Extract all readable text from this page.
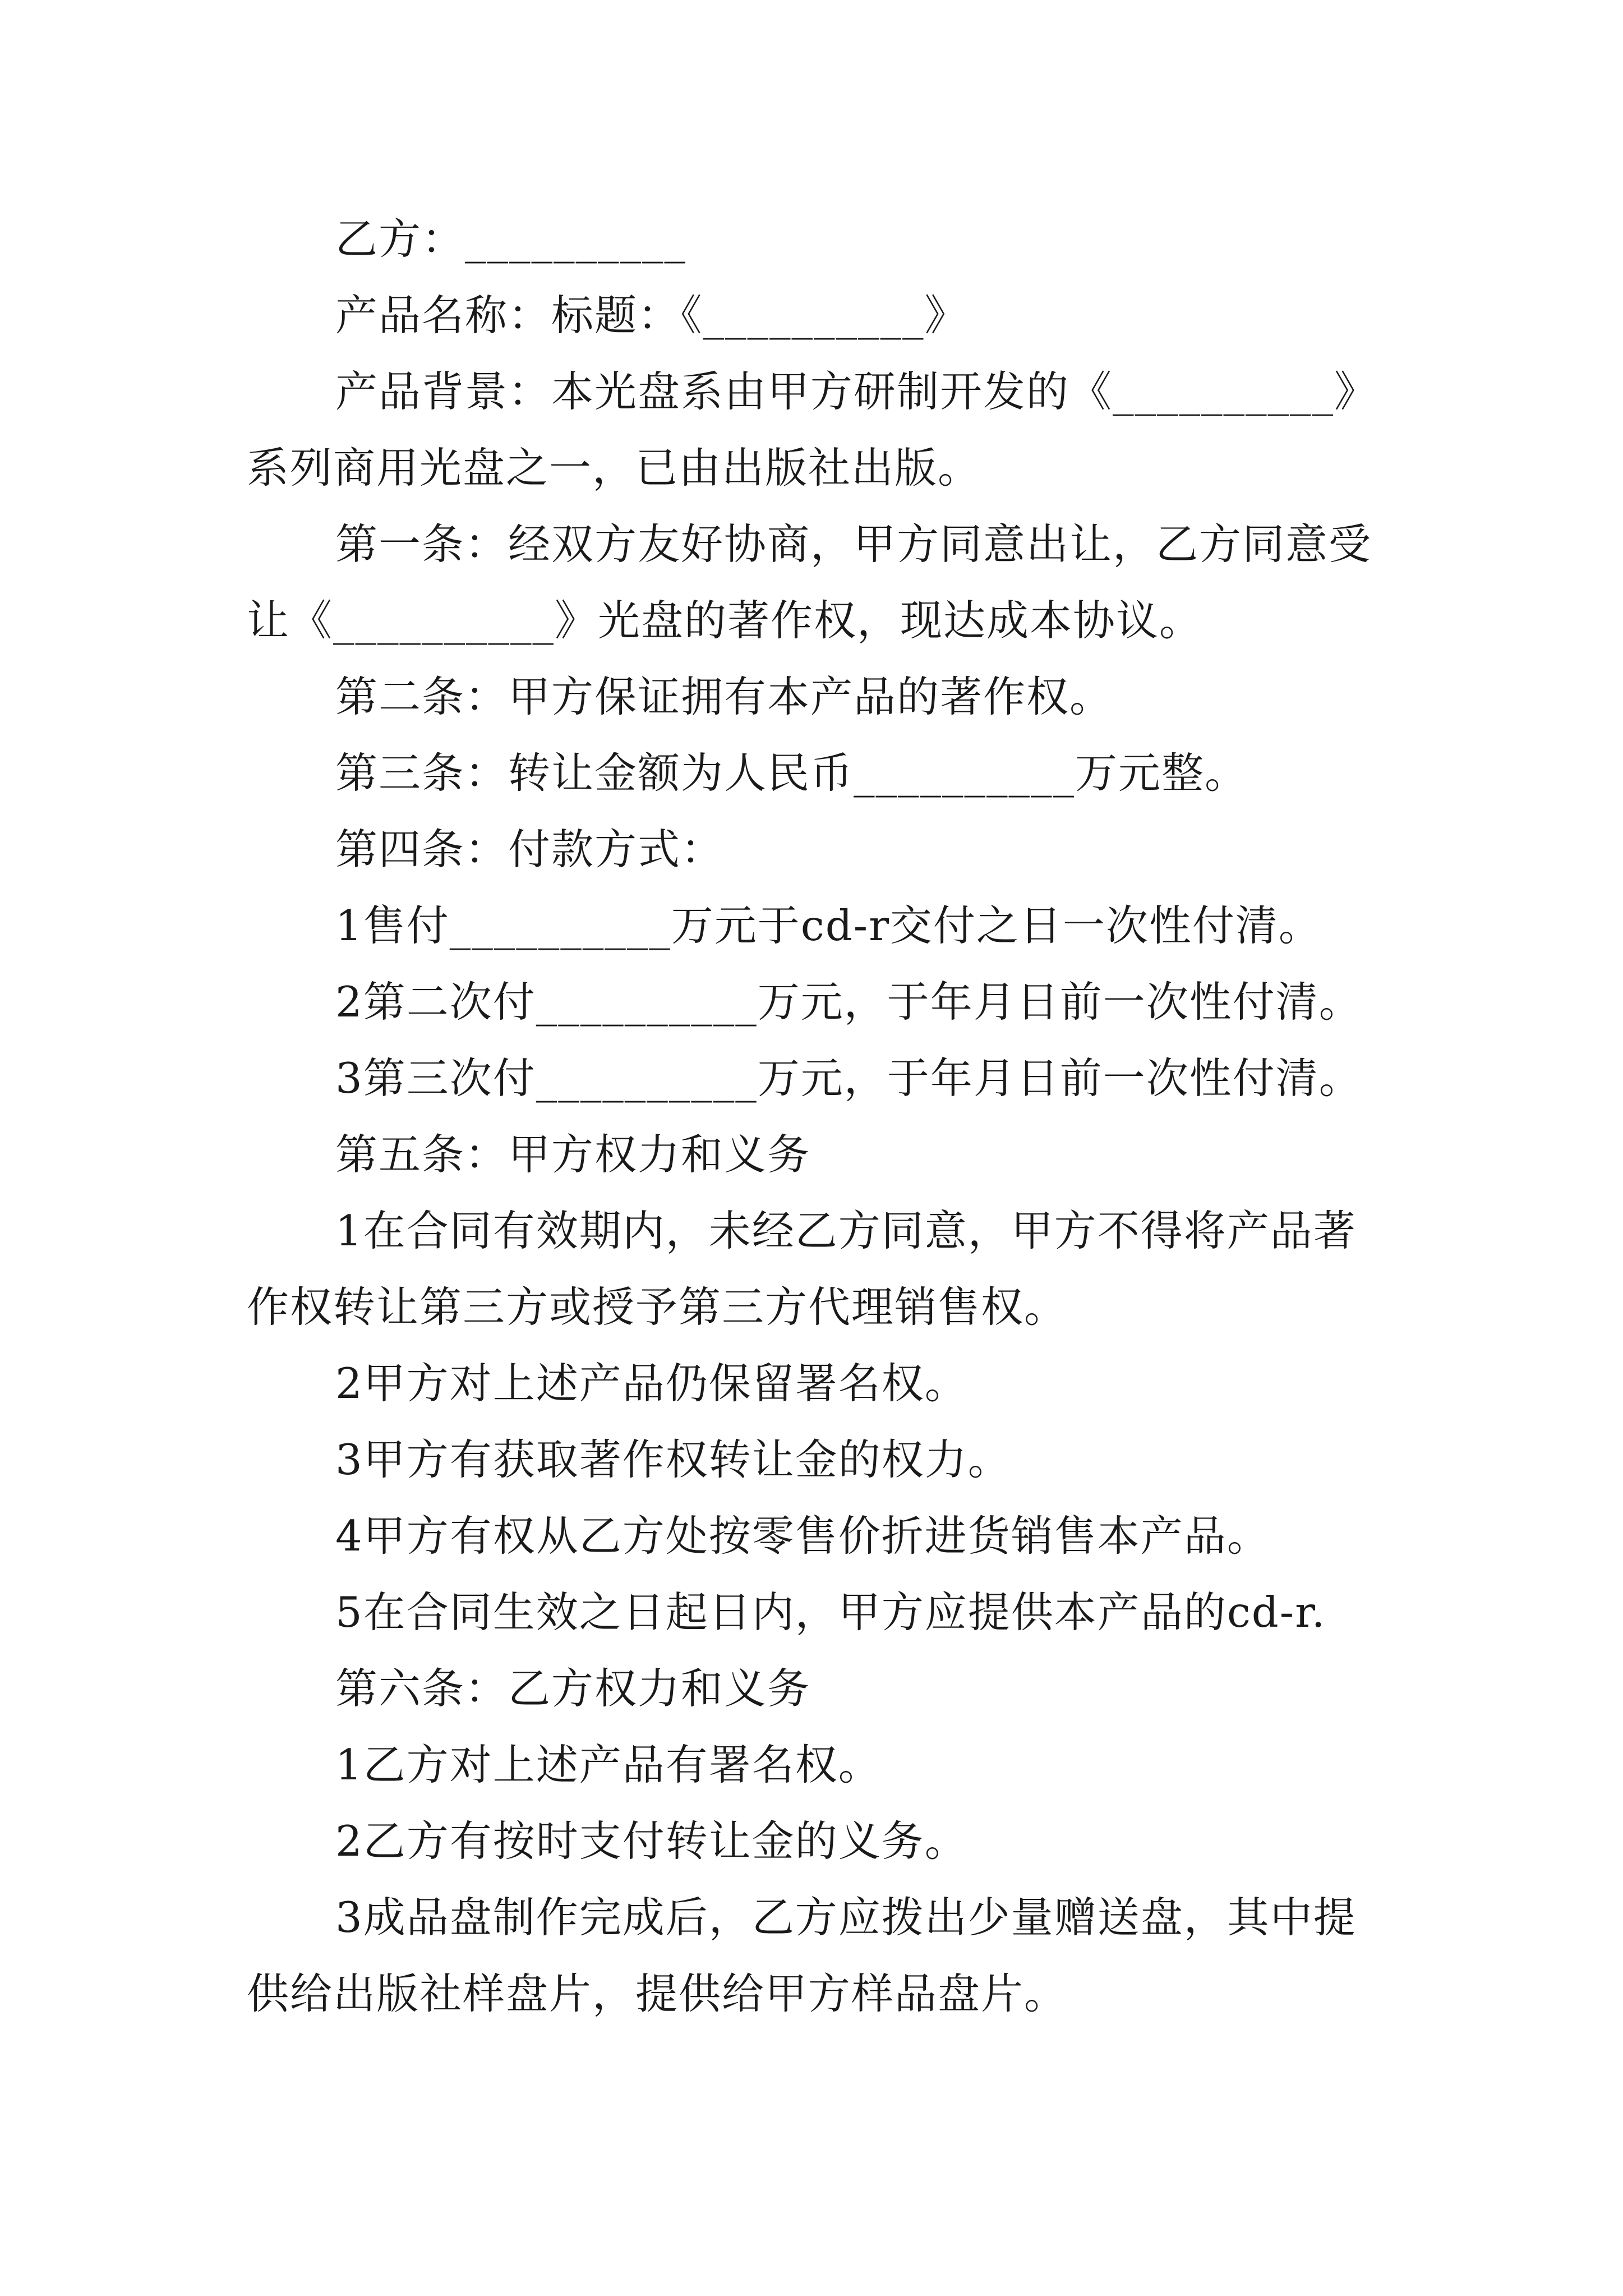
乙方：__________

产品名称：标题：《__________》

产品背景：本光盘系由甲方研制开发的《__________》系列商用光盘之一，已由出版社出版。

第一条：经双方友好协商，甲方同意出让，乙方同意受让《__________》光盘的著作权，现达成本协议。

第二条：甲方保证拥有本产品的著作权。

第三条：转让金额为人民币__________万元整。

第四条：付款方式：

1售付__________万元于cd-r交付之日一次性付清。

2第二次付__________万元，于年月日前一次性付清。

3第三次付__________万元，于年月日前一次性付清。

第五条：甲方权力和义务

1在合同有效期内，未经乙方同意，甲方不得将产品著作权转让第三方或授予第三方代理销售权。

2甲方对上述产品仍保留署名权。

3甲方有获取著作权转让金的权力。

4甲方有权从乙方处按零售价折进货销售本产品。

5在合同生效之日起日内，甲方应提供本产品的cd-r.

第六条：乙方权力和义务

1乙方对上述产品有署名权。

2乙方有按时支付转让金的义务。

3成品盘制作完成后，乙方应拨出少量赠送盘，其中提供给出版社样盘片，提供给甲方样品盘片。
